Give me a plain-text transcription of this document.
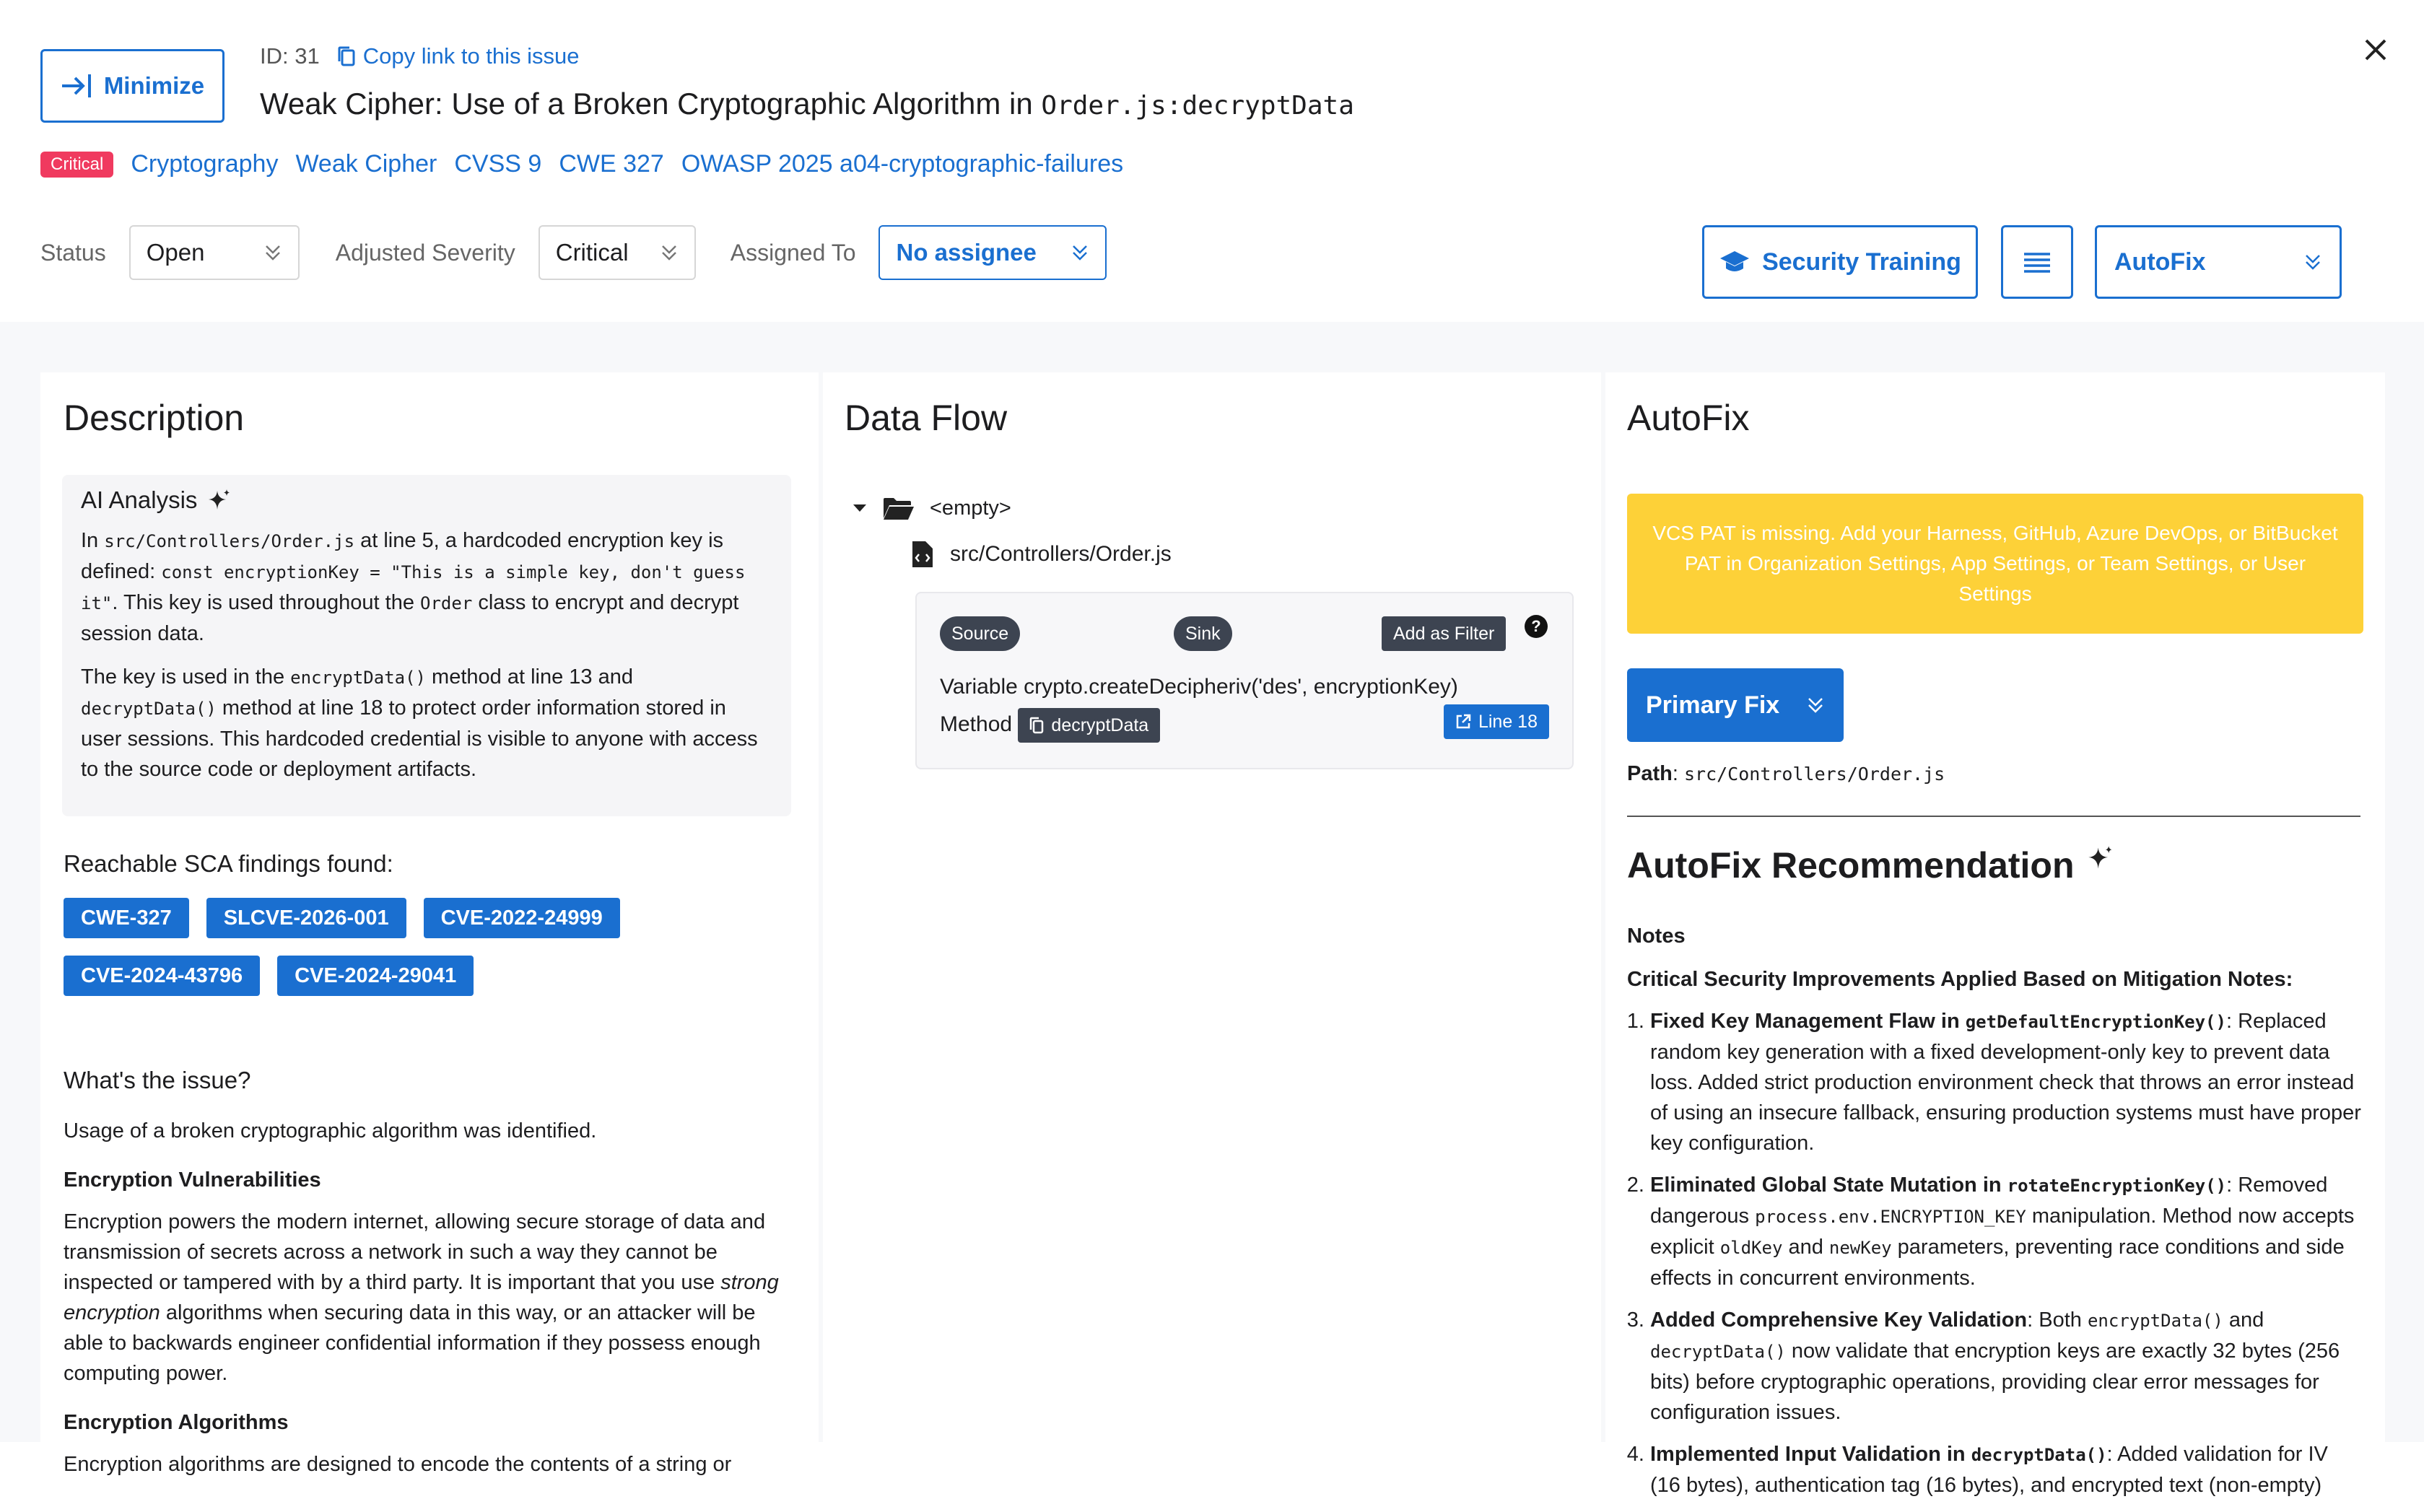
Minimize
ID: 31 Copy link to this issue
Weak Cipher: Use of a Broken Cryptographic Algorithm in Order.js:decryptData
Critical	Cryptography Weak Cipher CVSS 9 CWE 327 OWASP 2025 a04-cryptographic-failures
Status Open	Adjusted Severity Critical	Assigned To No assignee	Security Training	AutoFix
Description
AI Analysis

In src/Controllers/Order.js at line 5, a hardcoded encryption key is defined: const encryptionKey = "This is a simple key, don't guess it". This key is used throughout the Order class to encrypt and decrypt session data.

The key is used in the encryptData() method at line 13 and decryptData() method at line 18 to protect order information stored in user sessions. This hardcoded credential is visible to anyone with access to the source code or deployment artifacts.

Reachable SCA findings found:
CWE-327	SLCVE-2026-001	CVE-2022-24999
CVE-2024-43796	CVE-2024-29041
What's the issue?

Usage of a broken cryptographic algorithm was identified.

Encryption Vulnerabilities

Encryption powers the modern internet, allowing secure storage of data and transmission of secrets across a network in such a way they cannot be inspected or tampered with by a third party. It is important that you use strong encryption algorithms when securing data in this way, or an attacker will be able to backwards engineer confidential information if they possess enough computing power.

Encryption Algorithms

Encryption algorithms are designed to encode the contents of a string or

Data Flow
<empty>
src/Controllers/Order.js
Source	Sink	Add as Filter	?
Variable crypto.createDecipheriv('des', encryptionKey)
Method decryptData	Line 18
AutoFix
VCS PAT is missing. Add your Harness, GitHub, Azure DevOps, or BitBucket PAT in Organization Settings, App Settings, or Team Settings, or User Settings
Primary Fix
Path: src/Controllers/Order.js
AutoFix Recommendation
Notes
Critical Security Improvements Applied Based on Mitigation Notes:
1. Fixed Key Management Flaw in getDefaultEncryptionKey(): Replaced random key generation with a fixed development-only key to prevent data loss. Added strict production environment check that throws an error instead of using an insecure fallback, ensuring production systems must have proper key configuration.
2. Eliminated Global State Mutation in rotateEncryptionKey(): Removed dangerous process.env.ENCRYPTION_KEY manipulation. Method now accepts explicit oldKey and newKey parameters, preventing race conditions and side effects in concurrent environments.
3. Added Comprehensive Key Validation: Both encryptData() and decryptData() now validate that encryption keys are exactly 32 bytes (256 bits) before cryptographic operations, providing clear error messages for configuration issues.
4. Implemented Input Validation in decryptData(): Added validation for IV (16 bytes), authentication tag (16 bytes), and encrypted text (non-empty)
